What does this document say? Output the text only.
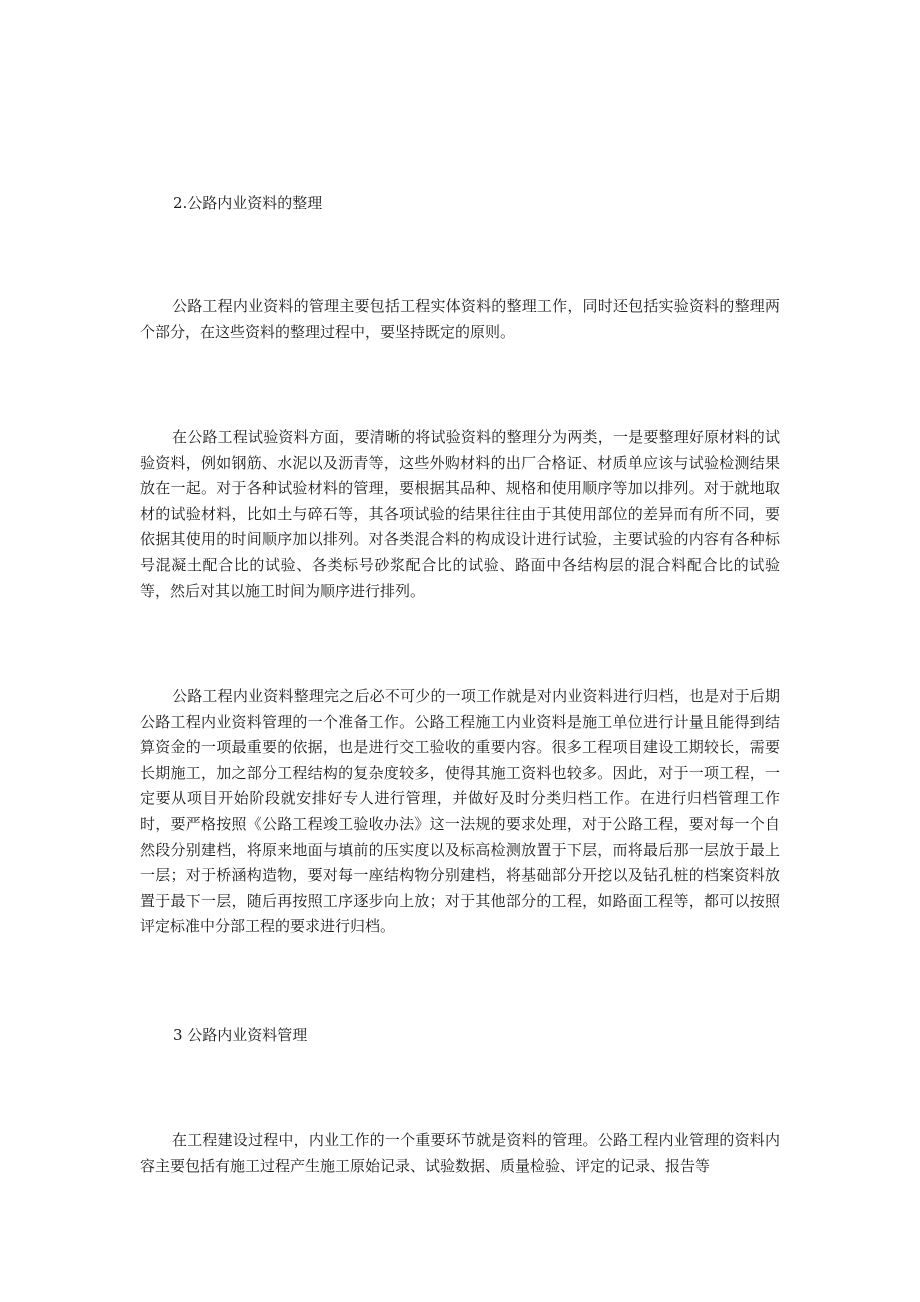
2.公路内业资料的整理

公路工程内业资料的管理主要包括工程实体资料的整理工作，同时还包括实验资料的整理两个部分，在这些资料的整理过程中，要坚持既定的原则。

在公路工程试验资料方面，要清晰的将试验资料的整理分为两类，一是要整理好原材料的试验资料，例如钢筋、水泥以及沥青等，这些外购材料的出厂合格证、材质单应该与试验检测结果放在一起。对于各种试验材料的管理，要根据其品种、规格和使用顺序等加以排列。对于就地取材的试验材料，比如土与碎石等，其各项试验的结果往往由于其使用部位的差异而有所不同，要依据其使用的时间顺序加以排列。对各类混合料的构成设计进行试验，主要试验的内容有各种标号混凝土配合比的试验、各类标号砂浆配合比的试验、路面中各结构层的混合料配合比的试验等，然后对其以施工时间为顺序进行排列。

公路工程内业资料整理完之后必不可少的一项工作就是对内业资料进行归档，也是对于后期公路工程内业资料管理的一个准备工作。公路工程施工内业资料是施工单位进行计量且能得到结算资金的一项最重要的依据，也是进行交工验收的重要内容。很多工程项目建设工期较长，需要长期施工，加之部分工程结构的复杂度较多，使得其施工资料也较多。因此，对于一项工程，一定要从项目开始阶段就安排好专人进行管理，并做好及时分类归档工作。在进行归档管理工作时，要严格按照《公路工程竣工验收办法》这一法规的要求处理，对于公路工程，要对每一个自然段分别建档，将原来地面与填前的压实度以及标高检测放置于下层，而将最后那一层放于最上一层；对于桥涵构造物，要对每一座结构物分别建档，将基础部分开挖以及钻孔桩的档案资料放置于最下一层，随后再按照工序逐步向上放；对于其他部分的工程，如路面工程等，都可以按照评定标准中分部工程的要求进行归档。

3 公路内业资料管理

在工程建设过程中，内业工作的一个重要环节就是资料的管理。公路工程内业管理的资料内容主要包括有施工过程产生施工原始记录、试验数据、质量检验、评定的记录、报告等
